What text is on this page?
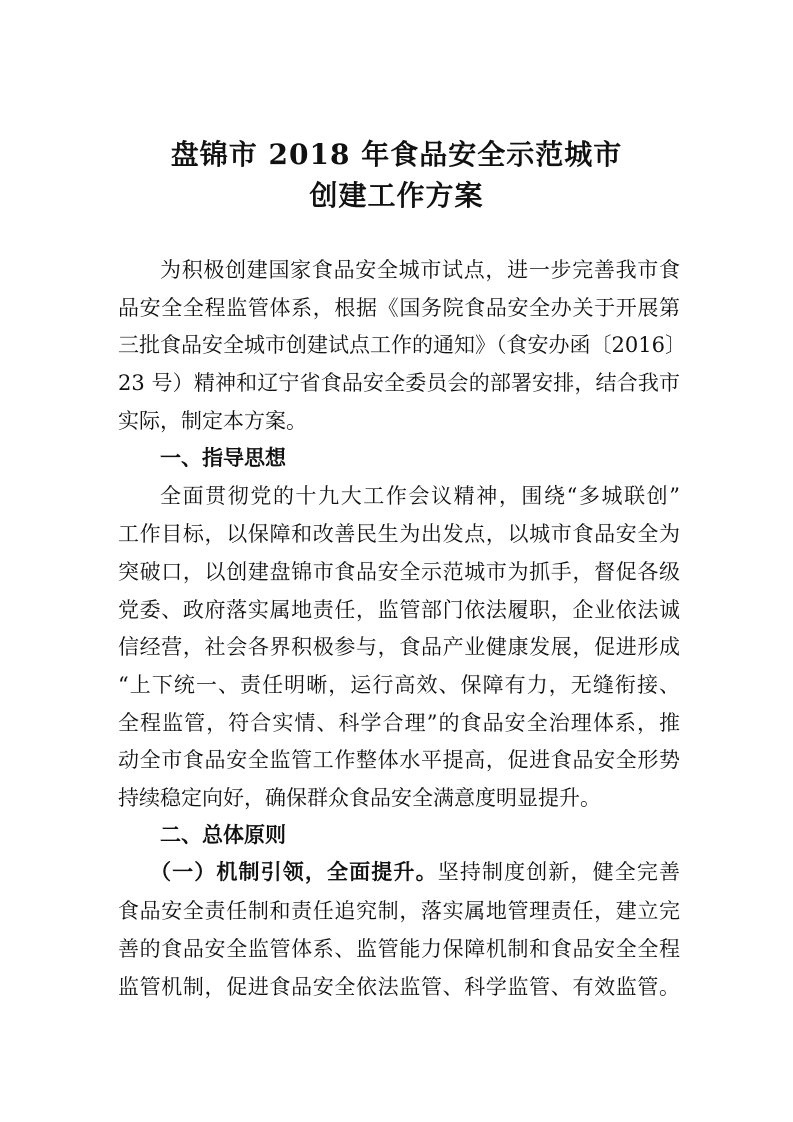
盘锦市 2018 年食品安全示范城市
创建工作方案
为积极创建国家食品安全城市试点，进一步完善我市食
品安全全程监管体系，根据《国务院食品安全办关于开展第
三批食品安全城市创建试点工作的通知》（食安办函〔2016〕
23 号）精神和辽宁省食品安全委员会的部署安排，结合我市
实际，制定本方案。
一、指导思想
全面贯彻党的十九大工作会议精神，围绕“多城联创”
工作目标，以保障和改善民生为出发点，以城市食品安全为
突破口，以创建盘锦市食品安全示范城市为抓手，督促各级
党委、政府落实属地责任，监管部门依法履职，企业依法诚
信经营，社会各界积极参与，食品产业健康发展，促进形成
“上下统一、责任明晰，运行高效、保障有力，无缝衔接、
全程监管，符合实情、科学合理”的食品安全治理体系，推
动全市食品安全监管工作整体水平提高，促进食品安全形势
持续稳定向好，确保群众食品安全满意度明显提升。
二、总体原则
（一）机制引领，全面提升。坚持制度创新，健全完善
食品安全责任制和责任追究制，落实属地管理责任，建立完
善的食品安全监管体系、监管能力保障机制和食品安全全程
监管机制，促进食品安全依法监管、科学监管、有效监管。
